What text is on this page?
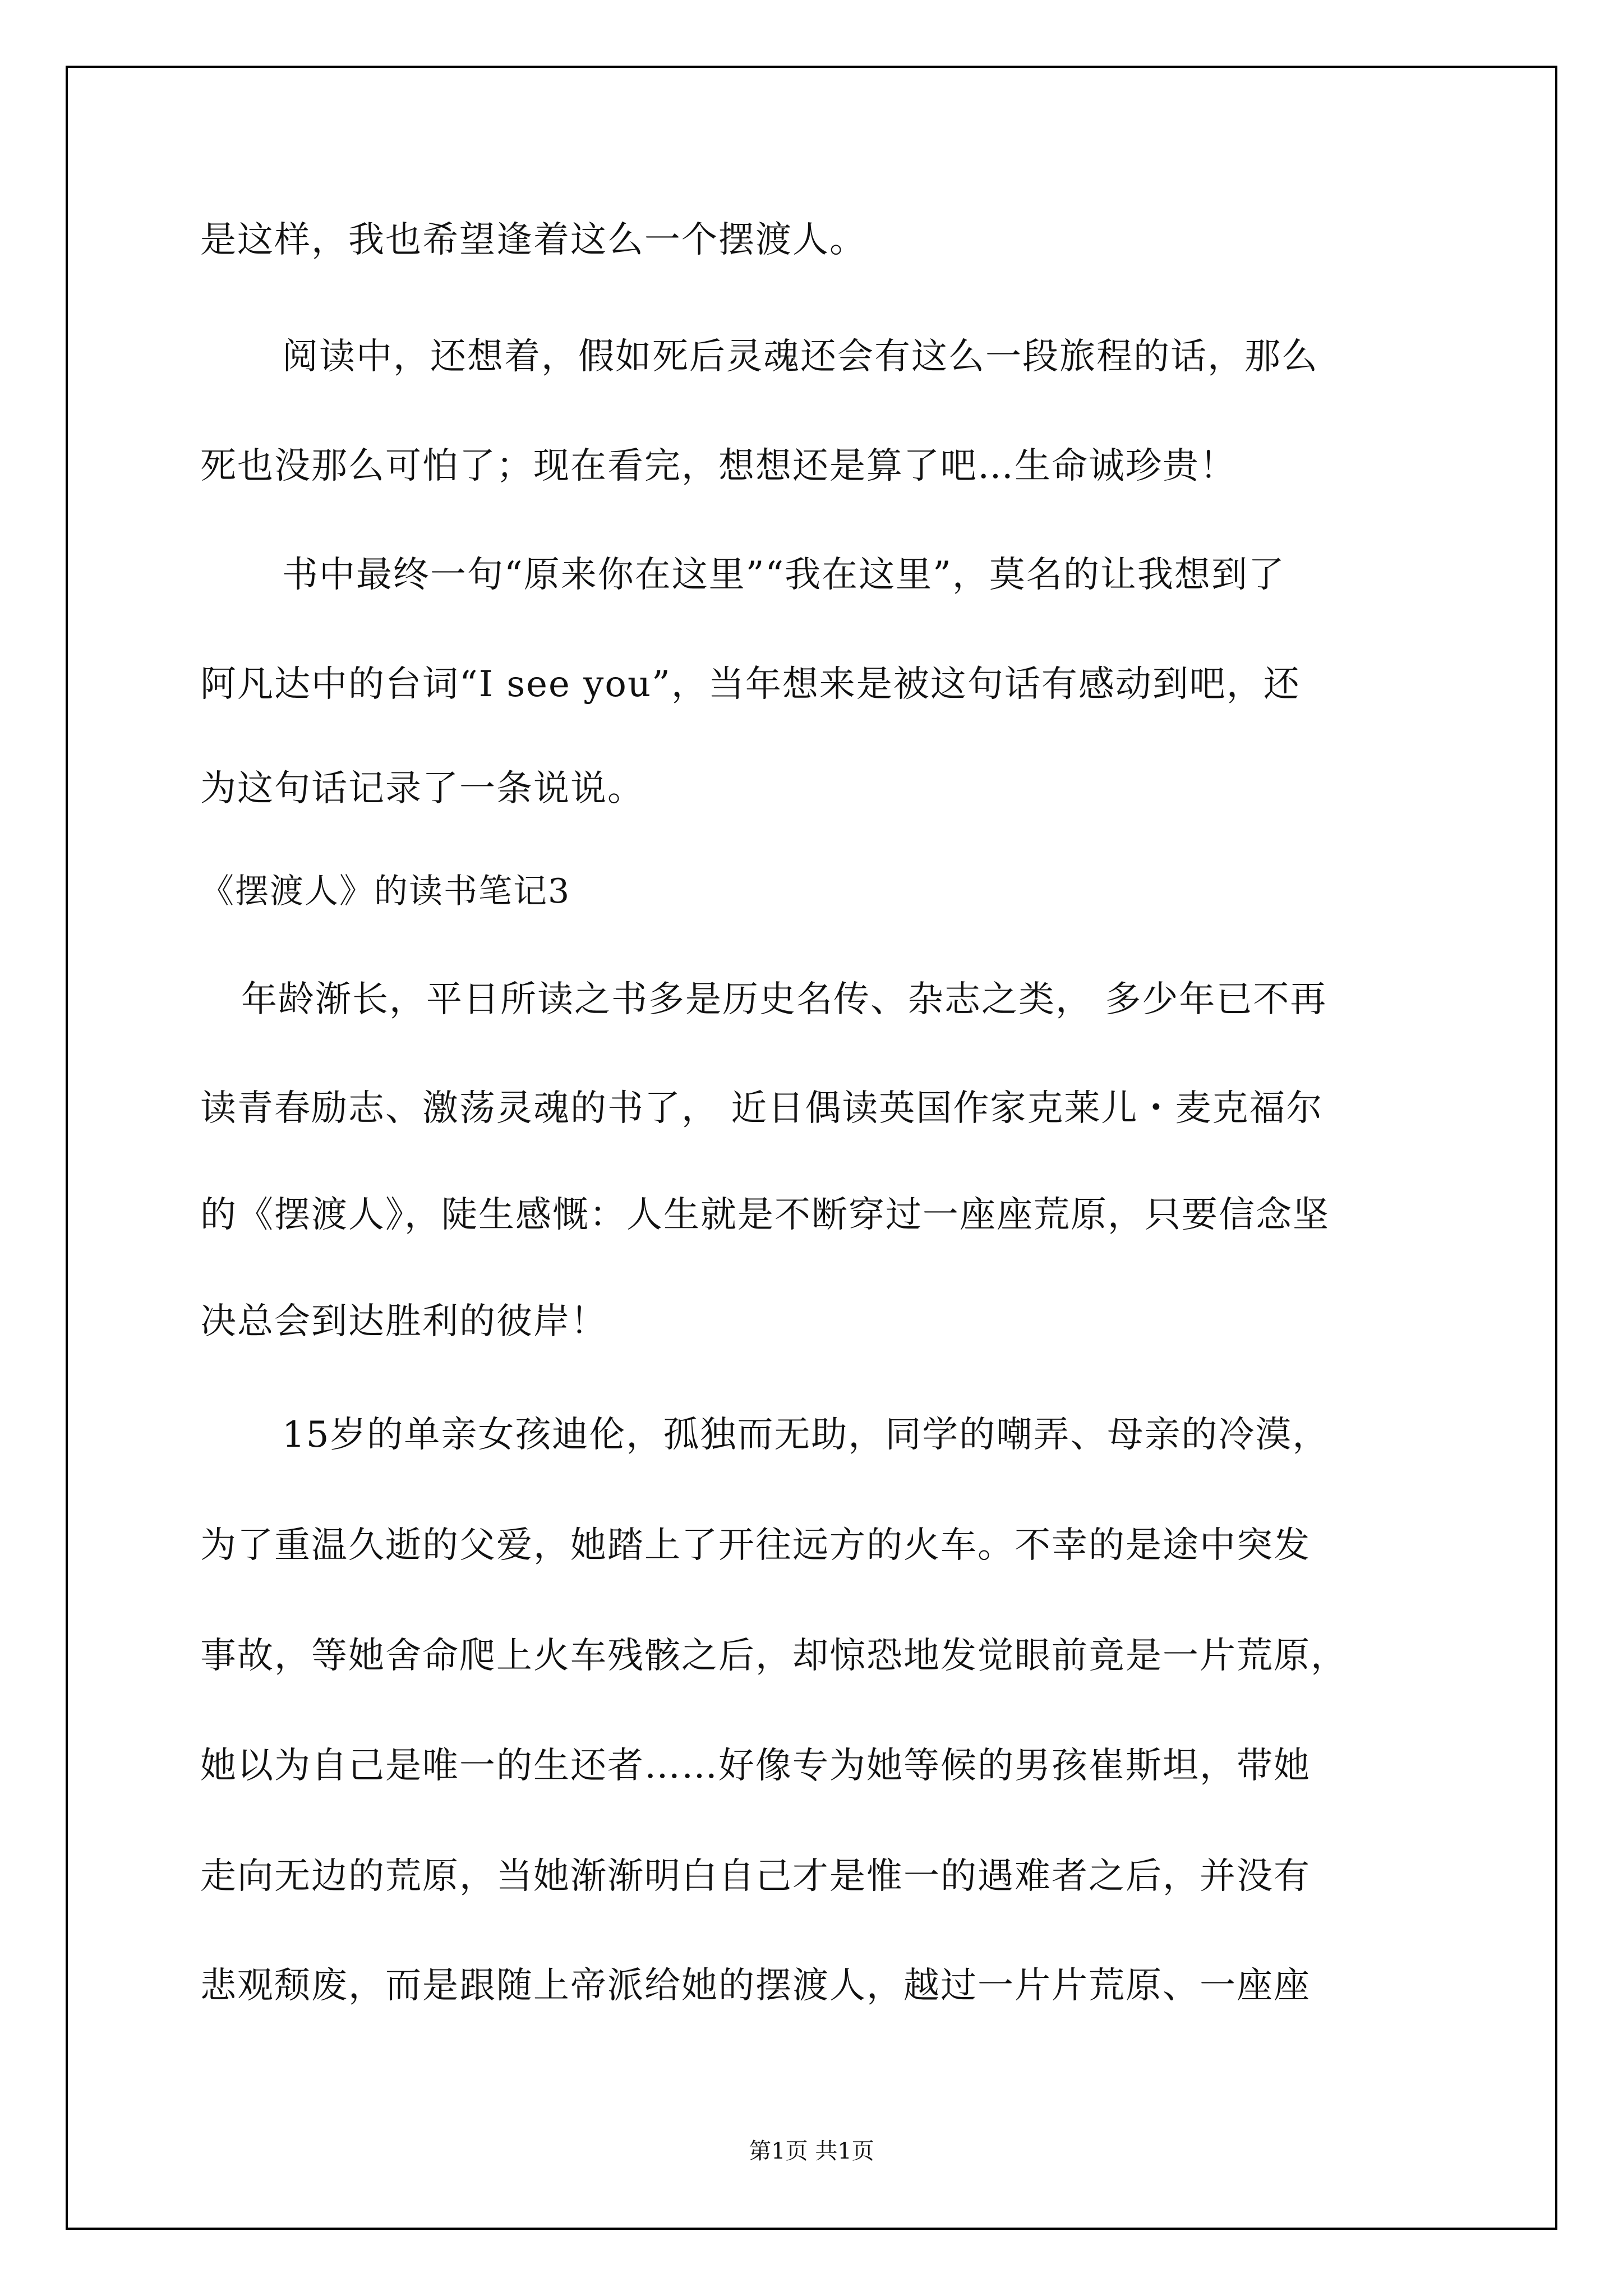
是这样，我也希望逢着这么一个摆渡人。
阅读中，还想着，假如死后灵魂还会有这么一段旅程的话，那么
死也没那么可怕了；现在看完，想想还是算了吧…生命诚珍贵！
书中最终一句“原来你在这里”“我在这里”，莫名的让我想到了
阿凡达中的台词“I see you”，当年想来是被这句话有感动到吧，还
为这句话记录了一条说说。
《摆渡人》的读书笔记3
年龄渐长，平日所读之书多是历史名传、杂志之类， 多少年已不再
读青春励志、激荡灵魂的书了， 近日偶读英国作家克莱儿・麦克福尔
的《摆渡人》，陡生感慨：人生就是不断穿过一座座荒原，只要信念坚
决总会到达胜利的彼岸！
15岁的单亲女孩迪伦，孤独而无助，同学的嘲弄、母亲的冷漠，
为了重温久逝的父爱，她踏上了开往远方的火车。不幸的是途中突发
事故，等她舍命爬上火车残骸之后，却惊恐地发觉眼前竟是一片荒原，
她以为自己是唯一的生还者……好像专为她等候的男孩崔斯坦，带她
走向无边的荒原，当她渐渐明白自己才是惟一的遇难者之后，并没有
悲观颓废，而是跟随上帝派给她的摆渡人，越过一片片荒原、一座座
第1页 共1页
